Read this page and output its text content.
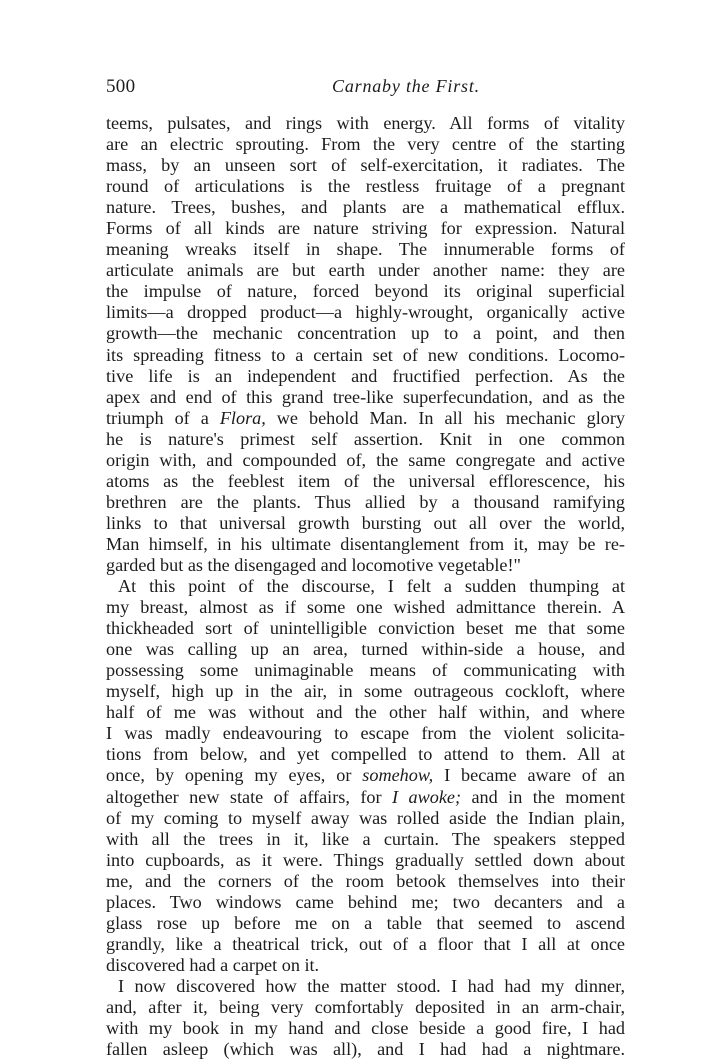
500	Carnaby the First.
teems, pulsates, and rings with energy. All forms of vitality
are an electric sprouting. From the very centre of the starting
mass, by an unseen sort of self-exercitation, it radiates. The
round of articulations is the restless fruitage of a pregnant
nature. Trees, bushes, and plants are a mathematical efflux.
Forms of all kinds are nature striving for expression. Natural
meaning wreaks itself in shape. The innumerable forms of
articulate animals are but earth under another name: they are
the impulse of nature, forced beyond its original superficial
limits—a dropped product—a highly-wrought, organically active
growth—the mechanic concentration up to a point, and then
its spreading fitness to a certain set of new conditions. Locomo-
tive life is an independent and fructified perfection. As the
apex and end of this grand tree-like superfecundation, and as the
triumph of a Flora, we behold Man. In all his mechanic glory
he is nature's primest self assertion. Knit in one common
origin with, and compounded of, the same congregate and active
atoms as the feeblest item of the universal efflorescence, his
brethren are the plants. Thus allied by a thousand ramifying
links to that universal growth bursting out all over the world,
Man himself, in his ultimate disentanglement from it, may be re-
garded but as the disengaged and locomotive vegetable!"
At this point of the discourse, I felt a sudden thumping at
my breast, almost as if some one wished admittance therein. A
thickheaded sort of unintelligible conviction beset me that some
one was calling up an area, turned within-side a house, and
possessing some unimaginable means of communicating with
myself, high up in the air, in some outrageous cockloft, where
half of me was without and the other half within, and where
I was madly endeavouring to escape from the violent solicita-
tions from below, and yet compelled to attend to them. All at
once, by opening my eyes, or somehow, I became aware of an
altogether new state of affairs, for I awoke; and in the moment
of my coming to myself away was rolled aside the Indian plain,
with all the trees in it, like a curtain. The speakers stepped
into cupboards, as it were. Things gradually settled down about
me, and the corners of the room betook themselves into their
places. Two windows came behind me; two decanters and a
glass rose up before me on a table that seemed to ascend
grandly, like a theatrical trick, out of a floor that I all at once
discovered had a carpet on it.
I now discovered how the matter stood. I had had my dinner,
and, after it, being very comfortably deposited in an arm-chair,
with my book in my hand and close beside a good fire, I had
fallen asleep (which was all), and I had had a nightmare.
